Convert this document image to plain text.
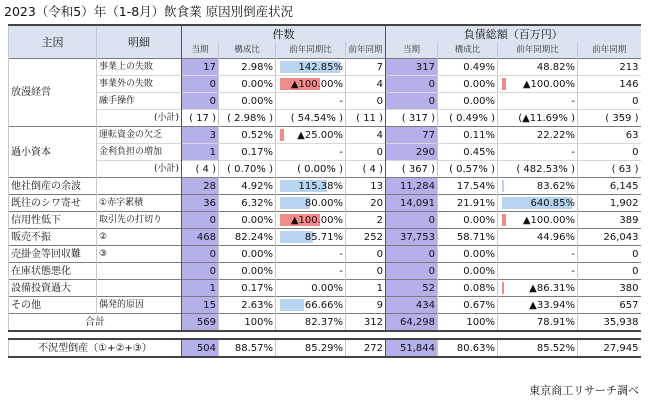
2023（令和5）年（1-8月）飲食業 原因別倒産状況
主因	明細	件数				負債総額（百万円）			
		当期	構成比	前年同期比	前年同期	当期	構成比	前年同期比	前年同期
放漫経営	事業上の失敗	17	2.98%	142.85%	7	317	0.49%	48.82%	213
	事業外の失敗	0	0.00%	▲100.00%	4	0	0.00%	▲100.00%	146
	融手操作	0	0.00%	-	0	0	0.00%	-	0
	(小計)	( 17 )	( 2.98% )	( 54.54% )	( 11 )	( 317 )	( 0.49% )	(▲11.69% )	( 359 )
過小資本	運転資金の欠乏	3	0.52%	▲25.00%	4	77	0.11%	22.22%	63
	金利負担の増加	1	0.17%	-	0	290	0.45%	-	0
	(小計)	( 4 )	( 0.70% )	( 0.00% )	( 4 )	( 367 )	( 0.57% )	( 482.53% )	( 63 )
他社倒産の余波		28	4.92%	115.38%	13	11,284	17.54%	83.62%	6,145
既往のシワ寄せ	①赤字累積	36	6.32%	80.00%	20	14,091	21.91%	640.85%	1,902
信用性低下	取引先の打切り	0	0.00%	▲100.00%	2	0	0.00%	▲100.00%	389
販売不振	②	468	82.24%	85.71%	252	37,753	58.71%	44.96%	26,043
売掛金等回収難	③	0	0.00%	-	0	0	0.00%	-	0
在庫状態悪化		0	0.00%	-	0	0	0.00%	-	0
設備投資過大		1	0.17%	0.00%	1	52	0.08%	▲86.31%	380
その他	偶発的原因	15	2.63%	66.66%	9	434	0.67%	▲33.94%	657
合計		569	100%	82.37%	312	64,298	100%	78.91%	35,938

不況型倒産（①+②+③）		504	88.57%	85.29%	272	51,844	80.63%	85.52%	27,945
東京商工リサーチ調べ
